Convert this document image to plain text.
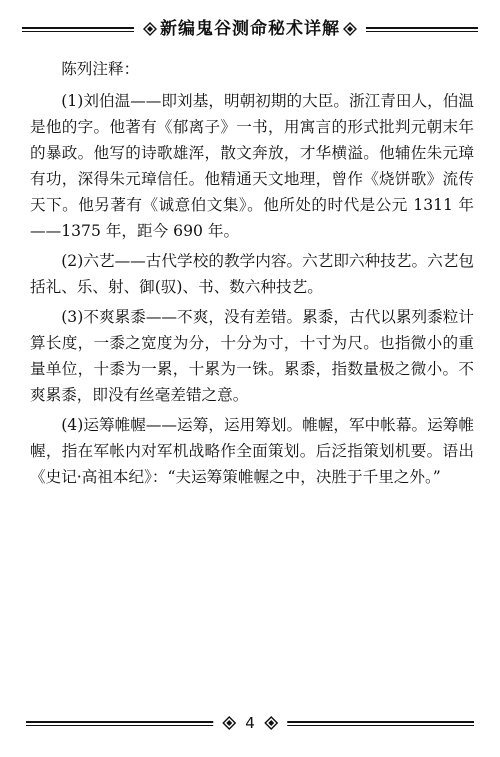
新编鬼谷测命秘术详解

陈列注释：

(1)刘伯温——即刘基，明朝初期的大臣。浙江青田人，伯温是他的字。他著有《郁离子》一书，用寓言的形式批判元朝末年的暴政。他写的诗歌雄浑，散文奔放，才华横溢。他辅佐朱元璋有功，深得朱元璋信任。他精通天文地理，曾作《烧饼歌》流传天下。他另著有《诚意伯文集》。他所处的时代是公元 1311 年——1375 年，距今 690 年。

(2)六艺——古代学校的教学内容。六艺即六种技艺。六艺包括礼、乐、射、御(驭)、书、数六种技艺。

(3)不爽累黍——不爽，没有差错。累黍，古代以累列黍粒计算长度，一黍之宽度为分，十分为寸，十寸为尺。也指微小的重量单位，十黍为一累，十累为一铢。累黍，指数量极之微小。不爽累黍，即没有丝毫差错之意。

(4)运筹帷幄——运筹，运用筹划。帷幄，军中帐幕。运筹帷幄，指在军帐内对军机战略作全面策划。后泛指策划机要。语出《史记·高祖本纪》：“夫运筹策帷幄之中，决胜于千里之外。”

4
